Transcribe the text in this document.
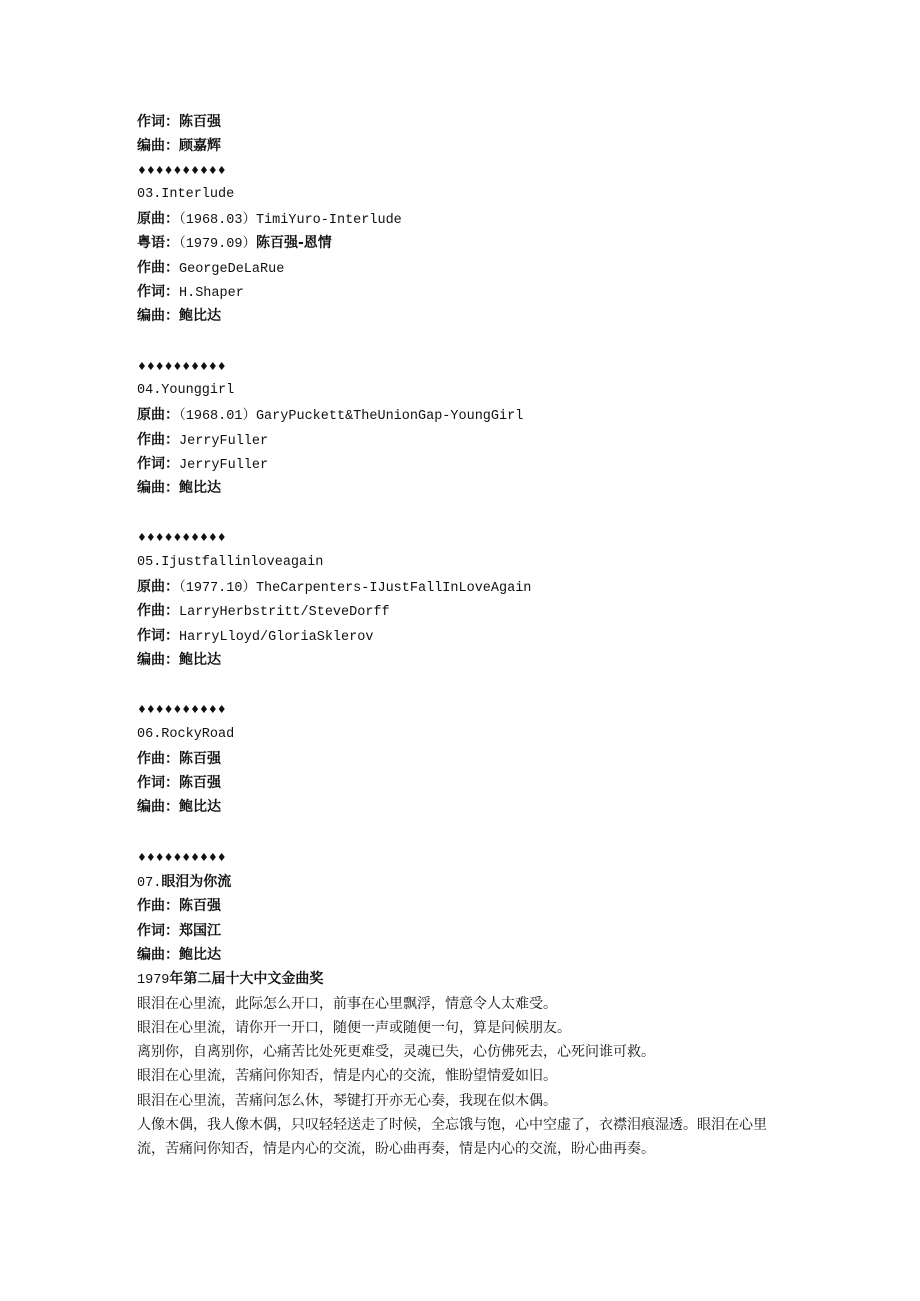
作词：陈百强
编曲：顾嘉辉
♦♦♦♦♦♦♦♦♦♦
03.Interlude
原曲：（1968.03）TimiYuro-Interlude
粤语：（1979.09）陈百强-恩情
作曲：GeorgeDeLaRue
作词：H.Shaper
编曲：鲍比达
♦♦♦♦♦♦♦♦♦♦
04.Younggirl
原曲：（1968.01）GaryPuckett&TheUnionGap-YoungGirl
作曲：JerryFuller
作词：JerryFuller
编曲：鲍比达
♦♦♦♦♦♦♦♦♦♦
05.Ijustfallinloveagain
原曲：（1977.10）TheCarpenters-IJustFallInLoveAgain
作曲：LarryHerbstritt/SteveDorff
作词：HarryLloyd/GloriaSklerov
编曲：鲍比达
♦♦♦♦♦♦♦♦♦♦
06.RockyRoad
作曲：陈百强
作词：陈百强
编曲：鲍比达
♦♦♦♦♦♦♦♦♦♦
07.眼泪为你流
作曲：陈百强
作词：郑国江
编曲：鲍比达
1979年第二届十大中文金曲奖
眼泪在心里流，此际怎么开口，前事在心里飘浮，情意令人太难受。
眼泪在心里流，请你开一开口，随便一声或随便一句，算是问候朋友。
离别你，自离别你，心痛苦比处死更难受，灵魂已失，心仿佛死去，心死问谁可救。
眼泪在心里流，苦痛问你知否，情是内心的交流，惟盼望情爱如旧。
眼泪在心里流，苦痛问怎么休，琴键打开亦无心奏，我现在似木偶。
人像木偶，我人像木偶，只叹轻轻送走了时候，全忘饿与饱，心中空虚了，衣襟泪痕湿透。眼泪在心里流，苦痛问你知否，情是内心的交流，盼心曲再奏，情是内心的交流，盼心曲再奏。
